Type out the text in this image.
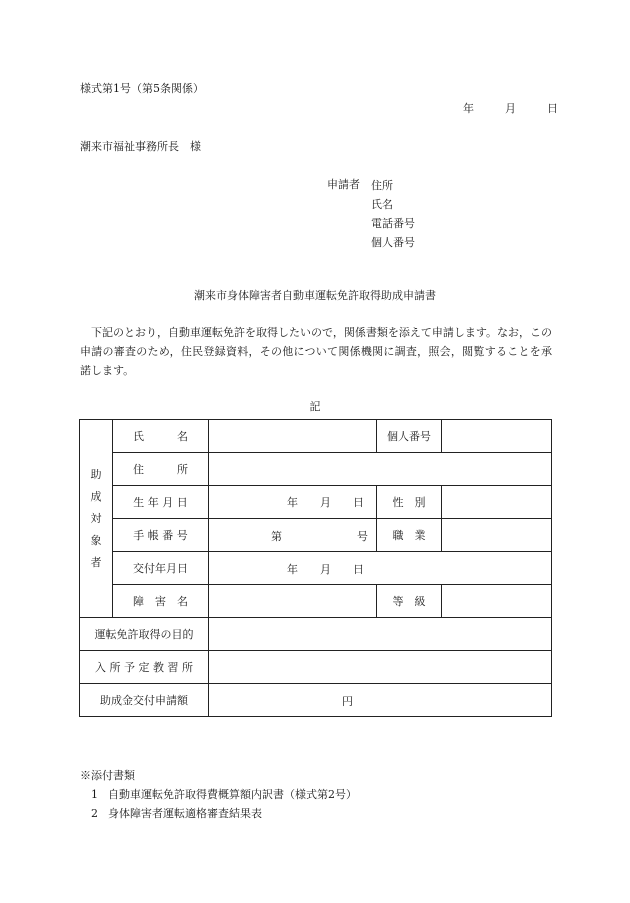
様式第1号（第5条関係）
年	月	日
潮来市福祉事務所長　様
申請者 住所
氏名
電話番号
個人番号
潮来市身体障害者自動車運転免許取得助成申請書
下記のとおり，自動車運転免許を取得したいので，関係書類を添えて申請します。なお，この申請の審査のため，住民登録資料，その他について関係機関に調査，照会，閲覧することを承諾します。
記
助
成
対
象
者	氏　　　名		個人番号	
	住　　　所			
	生 年 月 日	年　　月　　日	性　別	
	手 帳 番 号	第 号	職　業	
	交付年月日	年　　月　　日		

	障　害　名		等　級	
運転免許取得の目的				
入 所 予 定 教 習 所				
助成金交付申請額		円		
※添付書類
1 自動車運転免許取得費概算額内訳書（様式第2号）
2 身体障害者運転適格審査結果表
